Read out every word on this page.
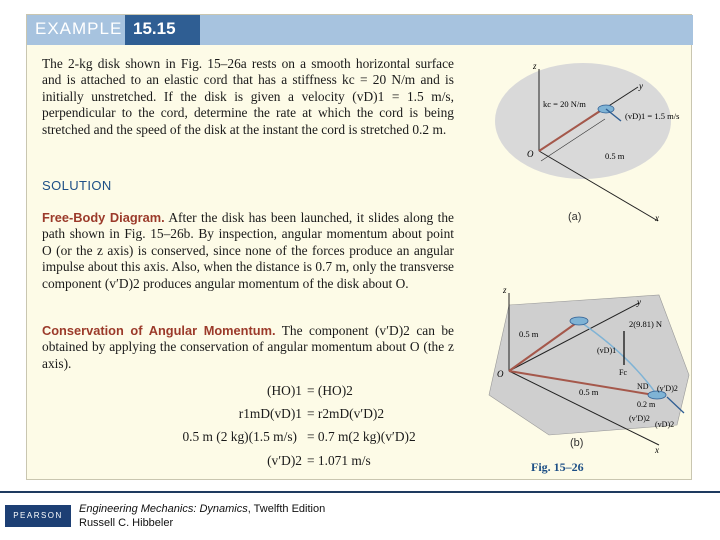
EXAMPLE 15.15

The 2-kg disk shown in Fig. 15–26a rests on a smooth horizontal surface and is attached to an elastic cord that has a stiffness kc = 20 N/m and is initially unstretched. If the disk is given a velocity (vD)1 = 1.5 m/s, perpendicular to the cord, determine the rate at which the cord is being stretched and the speed of the disk at the instant the cord is stretched 0.2 m.

SOLUTION

Free-Body Diagram. After the disk has been launched, it slides along the path shown in Fig. 15–26b. By inspection, angular momentum about point O (or the z axis) is conserved, since none of the forces produce an angular impulse about this axis. Also, when the distance is 0.7 m, only the transverse component (v′D)2 produces angular momentum of the disk about O.

Conservation of Angular Momentum. The component (v′D)2 can be obtained by applying the conservation of angular momentum about O (the z axis).

(HO)1 = (HO)2
r1mD(vD)1 = r2mD(v′D)2
0.5 m (2 kg)(1.5 m/s) = 0.7 m(2 kg)(v′D)2
(v′D)2 = 1.071 m/s
z
y
x
O
kc = 20 N/m
(vD)1 = 1.5 m/s
0.5 m
(a)
z
y
x
O
2(9.81) N
0.5 m
0.5 m
0.2 m
(vD)1
Fc
ND (v′D)2
(vD)2
(v′D)2
(b)
Fig. 15–26
PEARSON
Engineering Mechanics: Dynamics, Twelfth Edition
Russell C. Hibbeler
